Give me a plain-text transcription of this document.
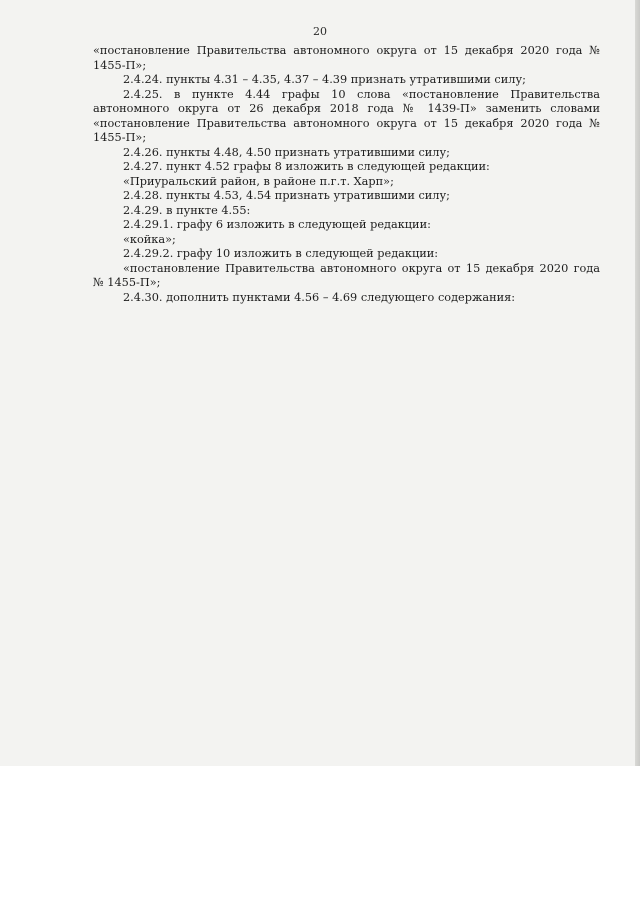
20

«постановление Правительства автономного округа от 15 декабря 2020 года № 1455-П»;

2.4.24. пункты 4.31 – 4.35, 4.37 – 4.39 признать утратившими силу;

2.4.25. в пункте 4.44 графы 10 слова «постановление Правительства автономного округа от 26 декабря 2018 года № 1439-П» заменить словами «постановление Правительства автономного округа от 15 декабря 2020 года № 1455-П»;

2.4.26. пункты 4.48, 4.50 признать утратившими силу;

2.4.27. пункт 4.52 графы 8 изложить в следующей редакции:

«Приуральский район, в районе п.г.т. Харп»;

2.4.28. пункты 4.53, 4.54 признать утратившими силу;

2.4.29. в пункте 4.55:

2.4.29.1. графу 6 изложить в следующей редакции:

«койка»;

2.4.29.2. графу 10 изложить в следующей редакции:

«постановление Правительства автономного округа от 15 декабря 2020 года № 1455-П»;

2.4.30. дополнить пунктами 4.56 – 4.69 следующего содержания:
